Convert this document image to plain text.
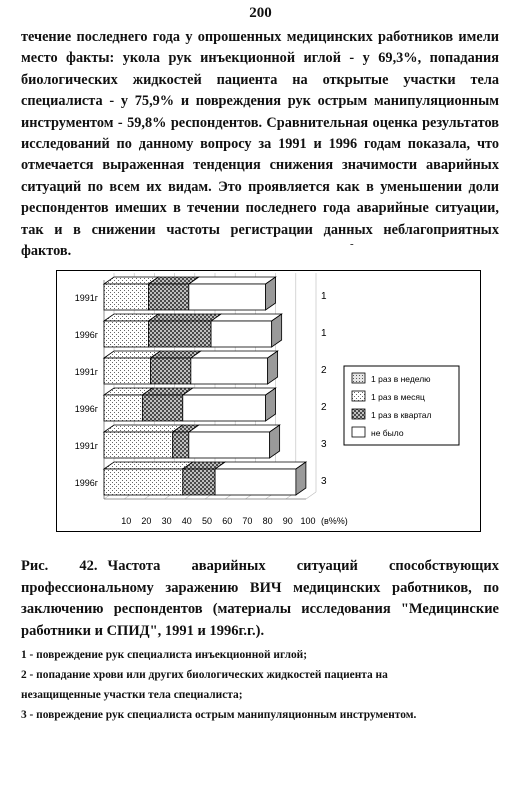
200

течение последнего года у опрошенных медицинских работников имели место факты: укола рук инъекционной иглой - у 69,3%, попадания биологических жидкостей пациента на открытые участки тела специалиста - у 75,9% и повреждения рук острым манипуляционным инструментом - 59,8% респондентов. Сравнительная оценка результатов исследований по данному вопросу за 1991 и 1996 годам показала, что отмечается выраженная тенденция снижения значимости аварийных ситуаций по всем их видам. Это проявляется как в уменьшении доли респондентов имеших в течении последнего года аварийные ситуации, так и в снижении частоты регистрации данных неблагоприятных фактов.	-
1991г
1996г
1991г
1996г
1991г
1996г
1
1
2
2
3
3
10 20 30 40 50 60 70 80 90 100 (в%%)
1 раз в неделю
1 раз в месяц
1 раз в квартал
не было

Рис. 42. Частота аварийных ситуаций способствующих профессиональному заражению ВИЧ медицинских работников, по заключению респондентов (материалы исследования "Медицинские работники и СПИД", 1991 и 1996г.г.).

1 - повреждение рук специалиста инъекционной иглой;
2 - попадание хрови или других биологических жидкостей пациента на
незащищенные участки тела специалиста;
3 - повреждение рук специалиста острым манипуляционным инструментом.
